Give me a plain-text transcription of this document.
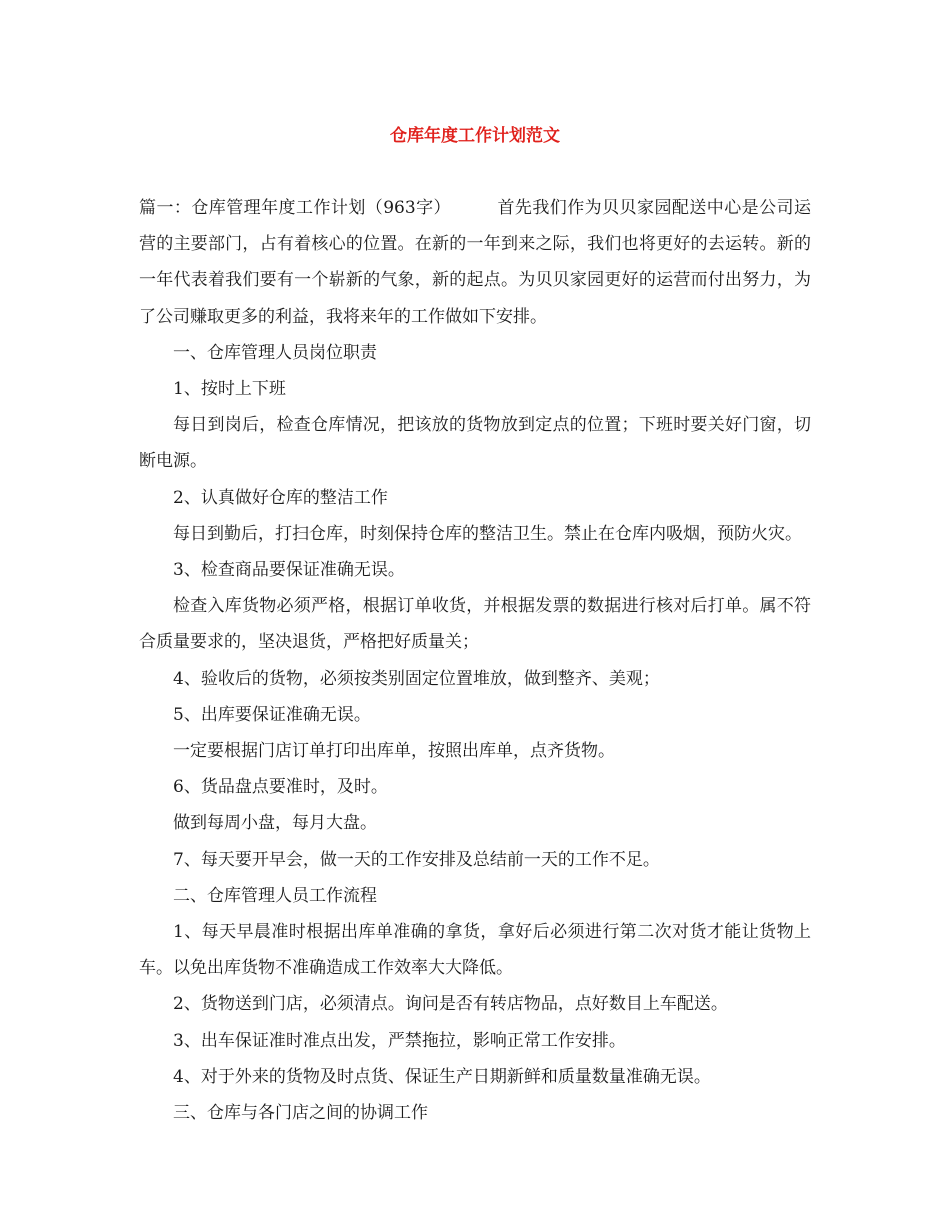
仓库年度工作计划范文

篇一：仓库管理年度工作计划（963字）	首先我们作为贝贝家园配送中心是公司运营的主要部门，占有着核心的位置。在新的一年到来之际，我们也将更好的去运转。新的一年代表着我们要有一个崭新的气象，新的起点。为贝贝家园更好的运营而付出努力，为了公司赚取更多的利益，我将来年的工作做如下安排。

一、仓库管理人员岗位职责

1、按时上下班

每日到岗后，检查仓库情况，把该放的货物放到定点的位置；下班时要关好门窗，切断电源。

2、认真做好仓库的整洁工作

每日到勤后，打扫仓库，时刻保持仓库的整洁卫生。禁止在仓库内吸烟，预防火灾。

3、检查商品要保证准确无误。

检查入库货物必须严格，根据订单收货，并根据发票的数据进行核对后打单。属不符合质量要求的，坚决退货，严格把好质量关；

4、验收后的货物，必须按类别固定位置堆放，做到整齐、美观；

5、出库要保证准确无误。

一定要根据门店订单打印出库单，按照出库单，点齐货物。

6、货品盘点要准时，及时。

做到每周小盘，每月大盘。

7、每天要开早会，做一天的工作安排及总结前一天的工作不足。

二、仓库管理人员工作流程

1、每天早晨准时根据出库单准确的拿货，拿好后必须进行第二次对货才能让货物上车。以免出库货物不准确造成工作效率大大降低。

2、货物送到门店，必须清点。询问是否有转店物品，点好数目上车配送。

3、出车保证准时准点出发，严禁拖拉，影响正常工作安排。

4、对于外来的货物及时点货、保证生产日期新鲜和质量数量准确无误。

三、仓库与各门店之间的协调工作
